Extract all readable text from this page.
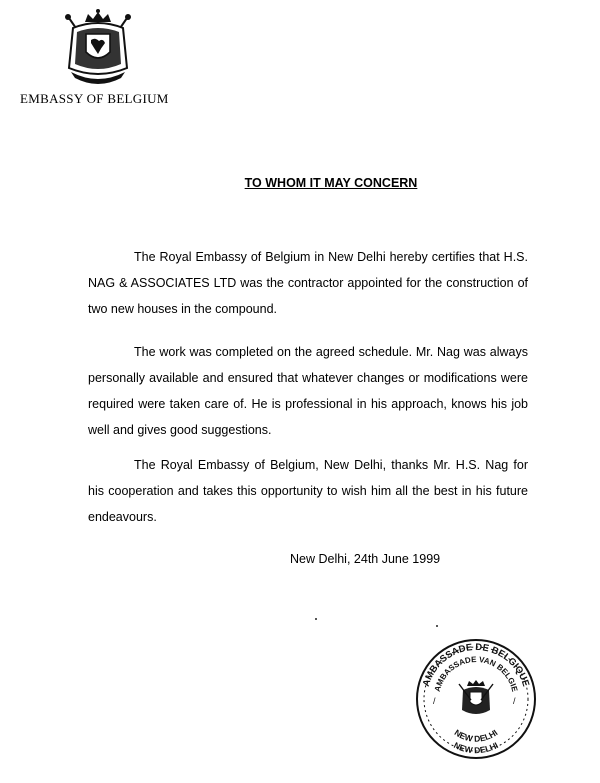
EMBASSY OF BELGIUM
TO WHOM IT MAY CONCERN
The Royal Embassy of Belgium in New Delhi hereby certifies that H.S. NAG & ASSOCIATES LTD was the contractor appointed for the construction of two new houses in the compound.
The work was completed on the agreed schedule. Mr. Nag was always personally available and ensured that whatever changes or modifications were required were taken care of. He is professional in his approach, knows his job well and gives good suggestions.
The Royal Embassy of Belgium, New Delhi, thanks Mr. H.S. Nag for his cooperation and takes this opportunity to wish him all the best in his future endeavours.
New Delhi, 24th June 1999
AMBASSADE DE BELGIQUE
AMBASSADE VAN BELGIE
/	/
NEW DELHI
NEW DELHI
